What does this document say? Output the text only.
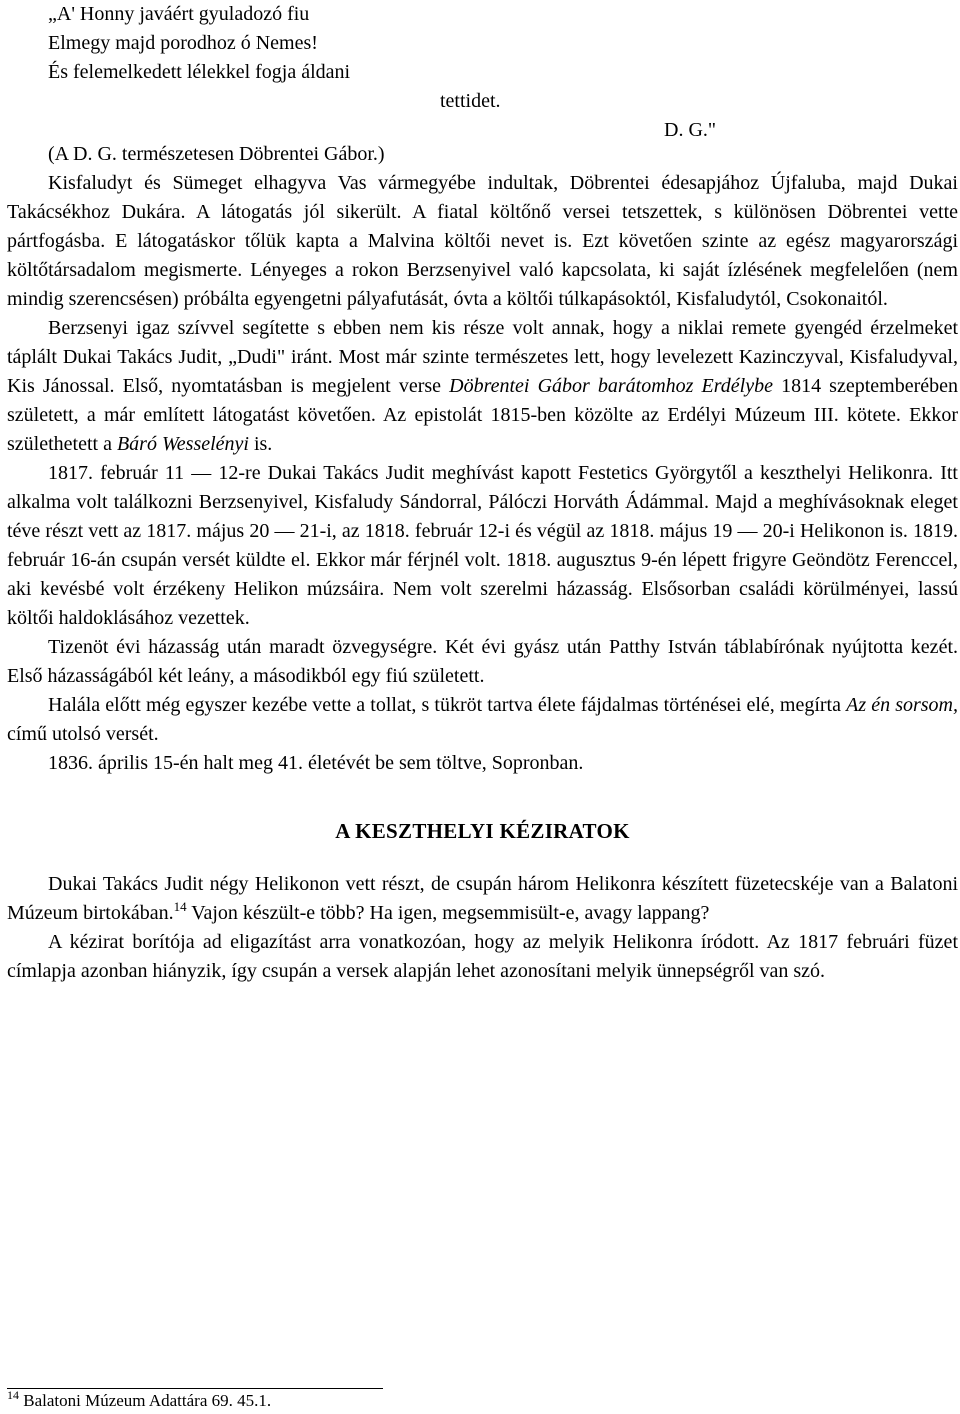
„A' Honny javáért gyuladozó fiu
Elmegy majd porodhoz ó Nemes!
És felemelkedett lélekkel fogja áldani
tettidet.
D. G."

(A D. G. természetesen Döbrentei Gábor.)

Kisfaludyt és Sümeget elhagyva Vas vármegyébe indultak, Döbrentei édesapjához Újfaluba, majd Dukai Takácsékhoz Dukára. A látogatás jól sikerült. A fiatal költőnő versei tetszettek, s különösen Döbrentei vette pártfogásba. E látogatáskor tőlük kapta a Malvina költői nevet is. Ezt követően szinte az egész magyarországi költőtársadalom megismerte. Lényeges a rokon Berzsenyivel való kapcsolata, ki saját ízlésének megfelelően (nem mindig szerencsésen) próbálta egyengetni pályafutását, óvta a költői túlkapásoktól, Kisfaludytól, Csokonaitól.

Berzsenyi igaz szívvel segítette s ebben nem kis része volt annak, hogy a niklai remete gyengéd érzelmeket táplált Dukai Takács Judit, „Dudi" iránt. Most már szinte természetes lett, hogy levelezett Kazinczyval, Kisfaludyval, Kis Jánossal. Első, nyomtatásban is megjelent verse Döbrentei Gábor barátomhoz Erdélybe 1814 szeptemberében született, a már említett látogatást követően. Az epistolát 1815-ben közölte az Erdélyi Múzeum III. kötete. Ekkor születhetett a Báró Wesselényi is.

1817. február 11 — 12-re Dukai Takács Judit meghívást kapott Festetics Györgytől a keszthelyi Helikonra. Itt alkalma volt találkozni Berzsenyivel, Kisfaludy Sándorral, Pálóczi Horváth Ádámmal. Majd a meghívásoknak eleget téve részt vett az 1817. május 20 — 21-i, az 1818. február 12-i és végül az 1818. május 19 — 20-i Helikonon is. 1819. február 16-án csupán versét küldte el. Ekkor már férjnél volt. 1818. augusztus 9-én lépett frigyre Geöndötz Ferenccel, aki kevésbé volt érzékeny Helikon múzsáira. Nem volt szerelmi házasság. Elsősorban családi körülményei, lassú költői haldoklásához vezettek.

Tizenöt évi házasság után maradt özvegységre. Két évi gyász után Patthy István táblabírónak nyújtotta kezét. Első házasságából két leány, a másodikból egy fiú született.

Halála előtt még egyszer kezébe vette a tollat, s tükröt tartva élete fájdalmas történései elé, megírta Az én sorsom, című utolsó versét.

1836. április 15-én halt meg 41. életévét be sem töltve, Sopronban.

A KESZTHELYI KÉZIRATOK

Dukai Takács Judit négy Helikonon vett részt, de csupán három Helikonra készített füzetecskéje van a Balatoni Múzeum birtokában.$^{14}$ Vajon készült-e több? Ha igen, megsemmisült-e, avagy lappang?

A kézirat borítója ad eligazítást arra vonatkozóan, hogy az melyik Helikonra íródott. Az 1817 februári füzet címlapja azonban hiányzik, így csupán a versek alapján lehet azonosítani melyik ünnepségről van szó.

$^{14}$ Balatoni Múzeum Adattára 69. 45.1.
